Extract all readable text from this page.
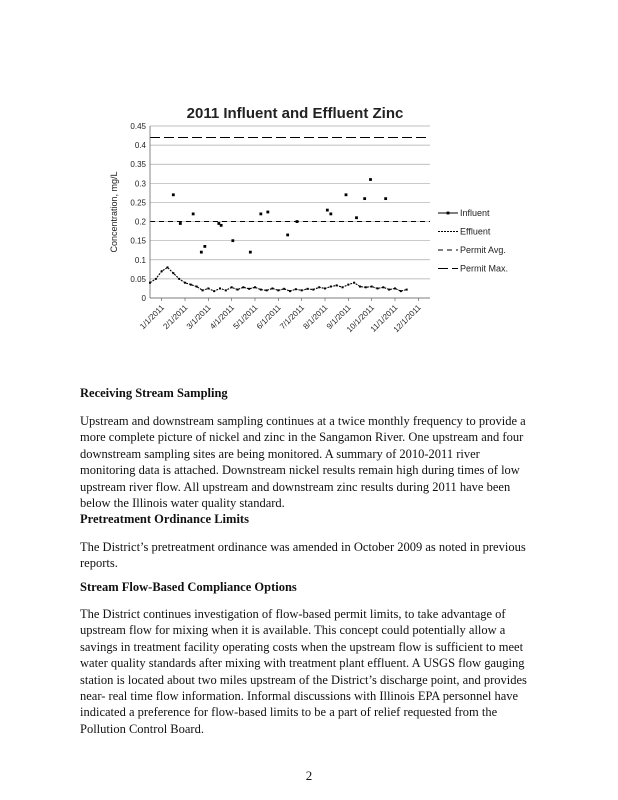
2011 Influent and Effluent Zinc
0
0.05
0.1
0.15
0.2
0.25
0.3
0.35
0.4
0.45
1/1/2011
2/1/2011
3/1/2011
4/1/2011
5/1/2011
6/1/2011
7/1/2011
8/1/2011
9/1/2011
10/1/2011
11/1/2011
12/1/2011
Concentration, mg/L	Influent
Effluent
Permit Avg.
Permit Max.
Receiving Stream Sampling

Upstream and downstream sampling continues at a twice monthly frequency to provide a
more complete picture of nickel and zinc in the Sangamon River. One upstream and four
downstream sampling sites are being monitored. A summary of 2010-2011 river
monitoring data is attached. Downstream nickel results remain high during times of low
upstream river flow. All upstream and downstream zinc results during 2011 have been
below the Illinois water quality standard.

Pretreatment Ordinance Limits

The District’s pretreatment ordinance was amended in October 2009 as noted in previous
reports.

Stream Flow-Based Compliance Options

The District continues investigation of flow-based permit limits, to take advantage of
upstream flow for mixing when it is available. This concept could potentially allow a
savings in treatment facility operating costs when the upstream flow is sufficient to meet
water quality standards after mixing with treatment plant effluent. A USGS flow gauging
station is located about two miles upstream of the District’s discharge point, and provides
near- real time flow information. Informal discussions with Illinois EPA personnel have
indicated a preference for flow-based limits to be a part of relief requested from the
Pollution Control Board.

2
